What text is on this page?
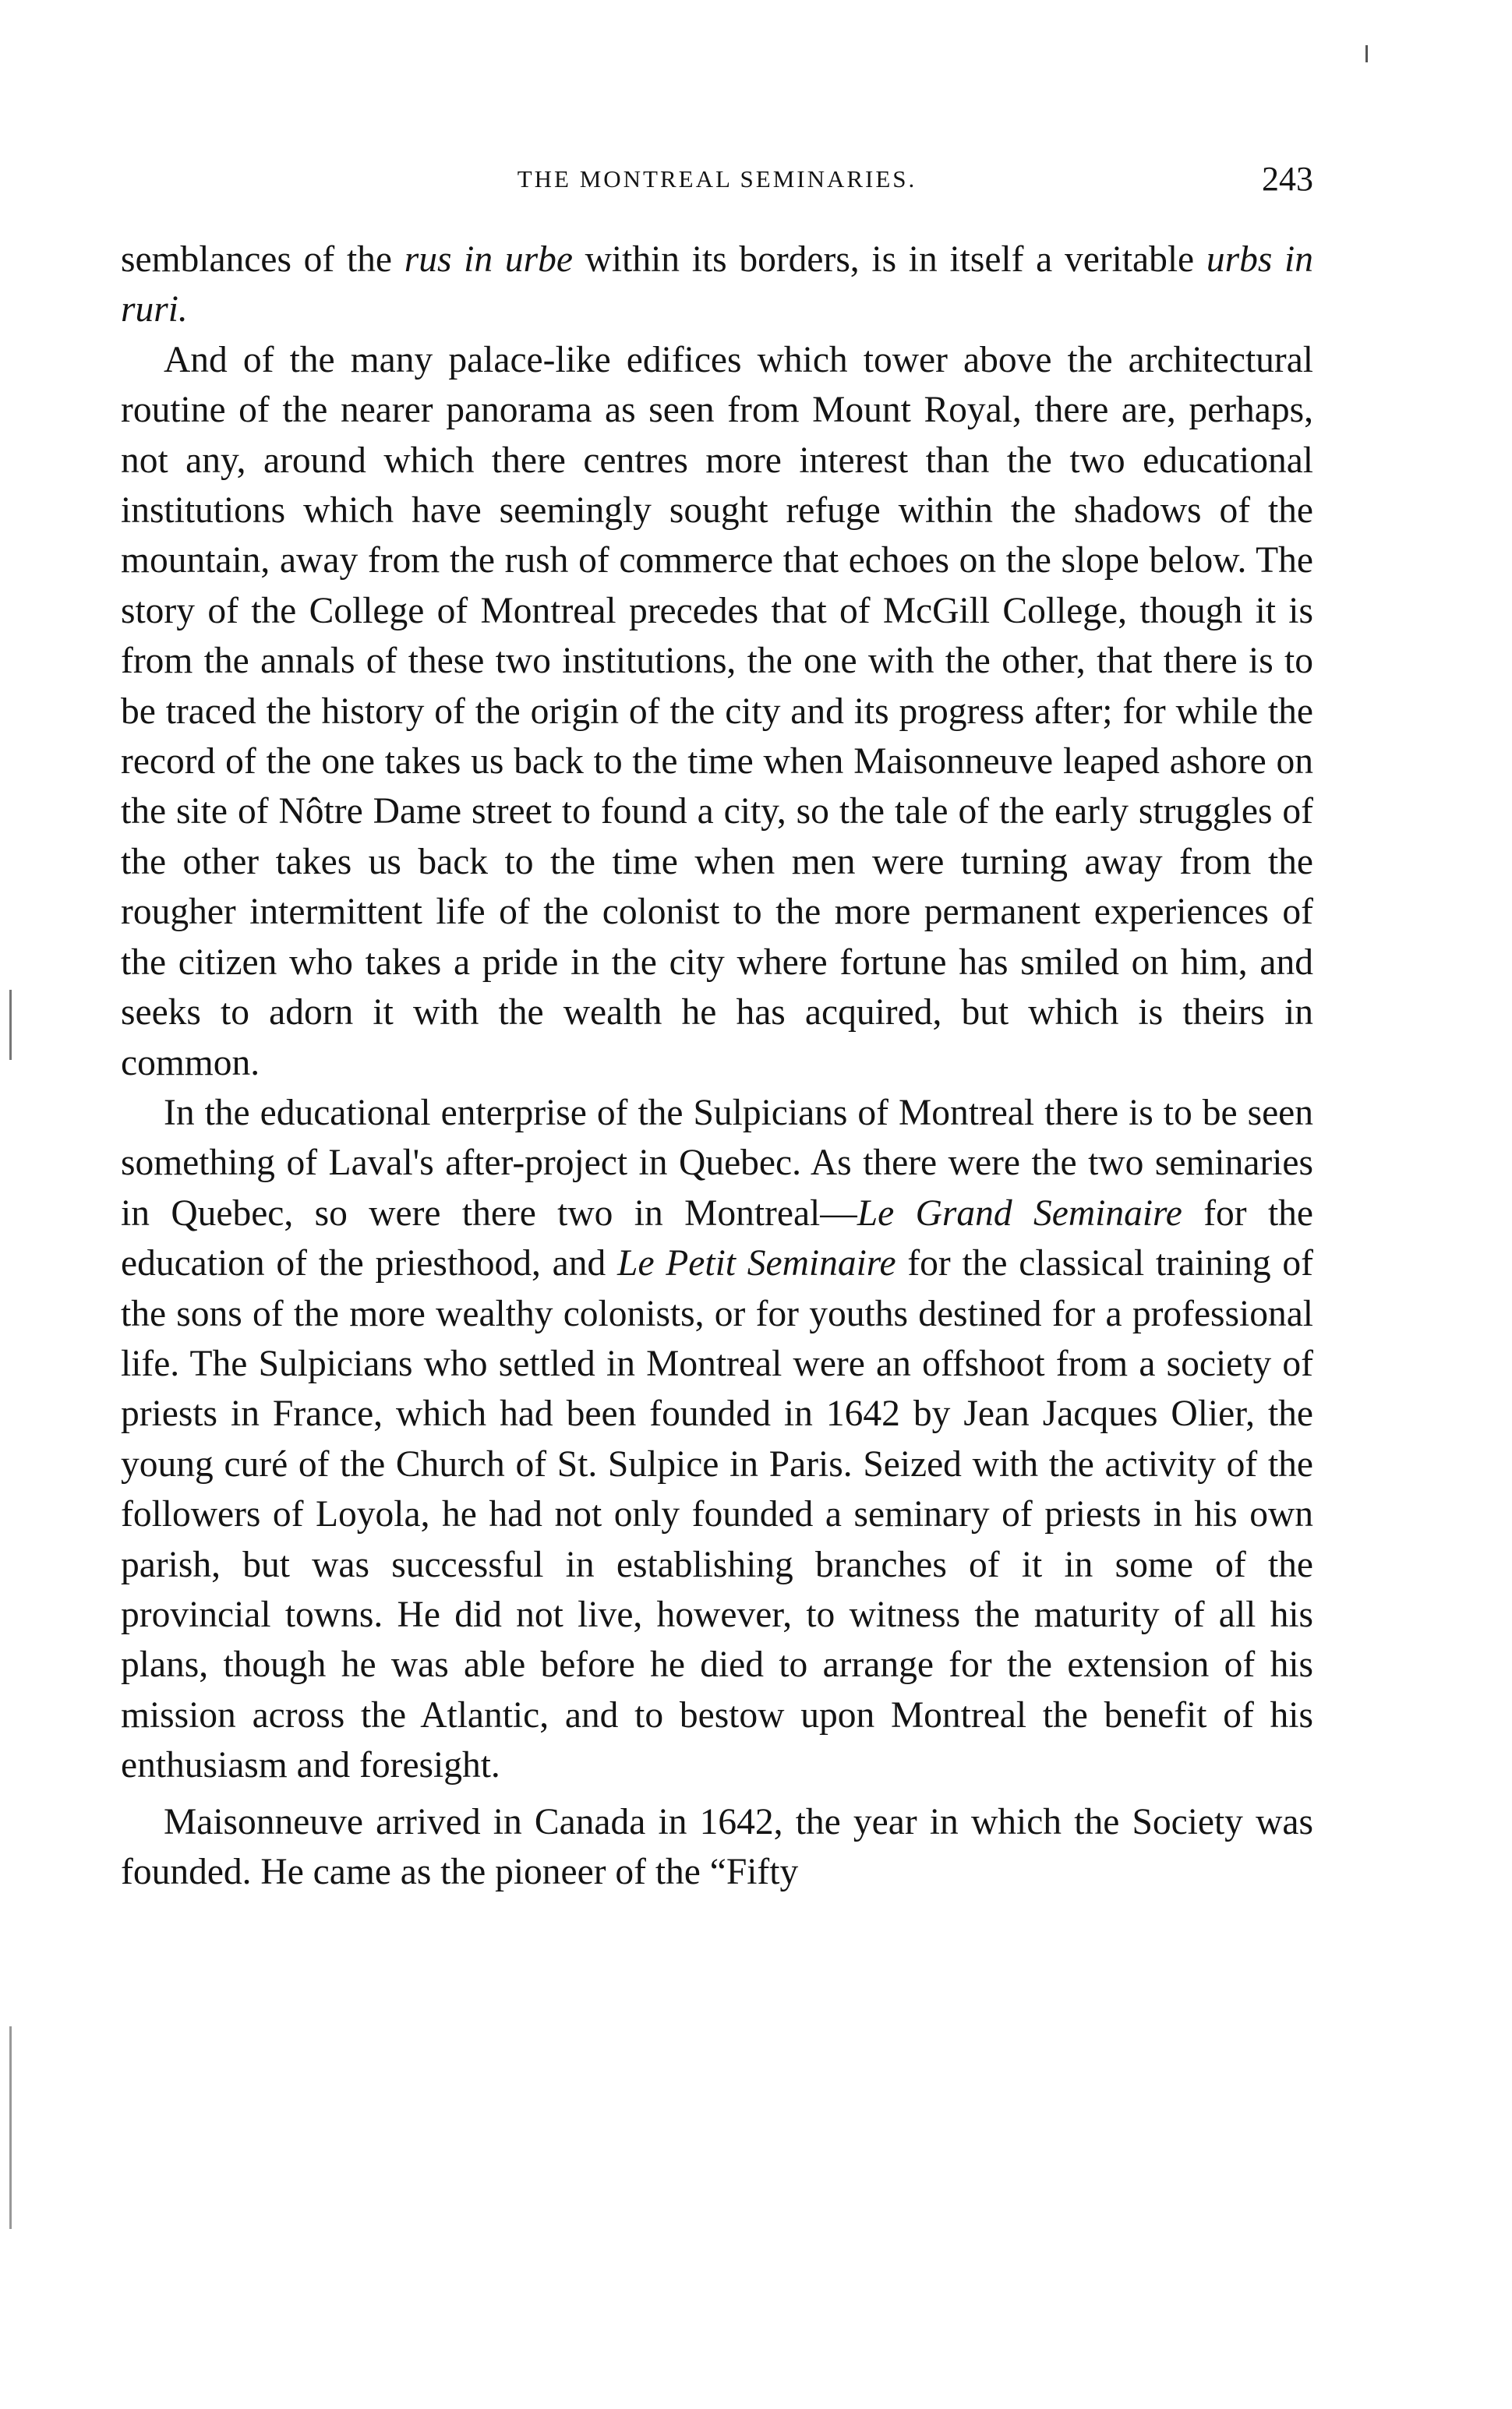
THE MONTREAL SEMINARIES.	243

semblances of the rus in urbe within its borders, is in itself a veritable urbs in ruri.

And of the many palace-like edifices which tower above the architectural routine of the nearer panorama as seen from Mount Royal, there are, perhaps, not any, around which there centres more interest than the two educational institutions which have seemingly sought refuge within the shadows of the mountain, away from the rush of commerce that echoes on the slope below. The story of the College of Montreal precedes that of McGill College, though it is from the annals of these two institutions, the one with the other, that there is to be traced the history of the origin of the city and its progress after; for while the record of the one takes us back to the time when Maisonneuve leaped ashore on the site of Nôtre Dame street to found a city, so the tale of the early struggles of the other takes us back to the time when men were turning away from the rougher intermittent life of the colonist to the more permanent experiences of the citizen who takes a pride in the city where fortune has smiled on him, and seeks to adorn it with the wealth he has acquired, but which is theirs in common.

In the educational enterprise of the Sulpicians of Montreal there is to be seen something of Laval's after-project in Quebec. As there were the two seminaries in Quebec, so were there two in Montreal—Le Grand Seminaire for the education of the priesthood, and Le Petit Seminaire for the classical training of the sons of the more wealthy colonists, or for youths destined for a professional life. The Sulpicians who settled in Montreal were an offshoot from a society of priests in France, which had been founded in 1642 by Jean Jacques Olier, the young curé of the Church of St. Sulpice in Paris. Seized with the activity of the followers of Loyola, he had not only founded a seminary of priests in his own parish, but was successful in establishing branches of it in some of the provincial towns. He did not live, however, to witness the maturity of all his plans, though he was able before he died to arrange for the extension of his mission across the Atlantic, and to bestow upon Montreal the benefit of his enthusiasm and foresight.

Maisonneuve arrived in Canada in 1642, the year in which the Society was founded. He came as the pioneer of the “Fifty
